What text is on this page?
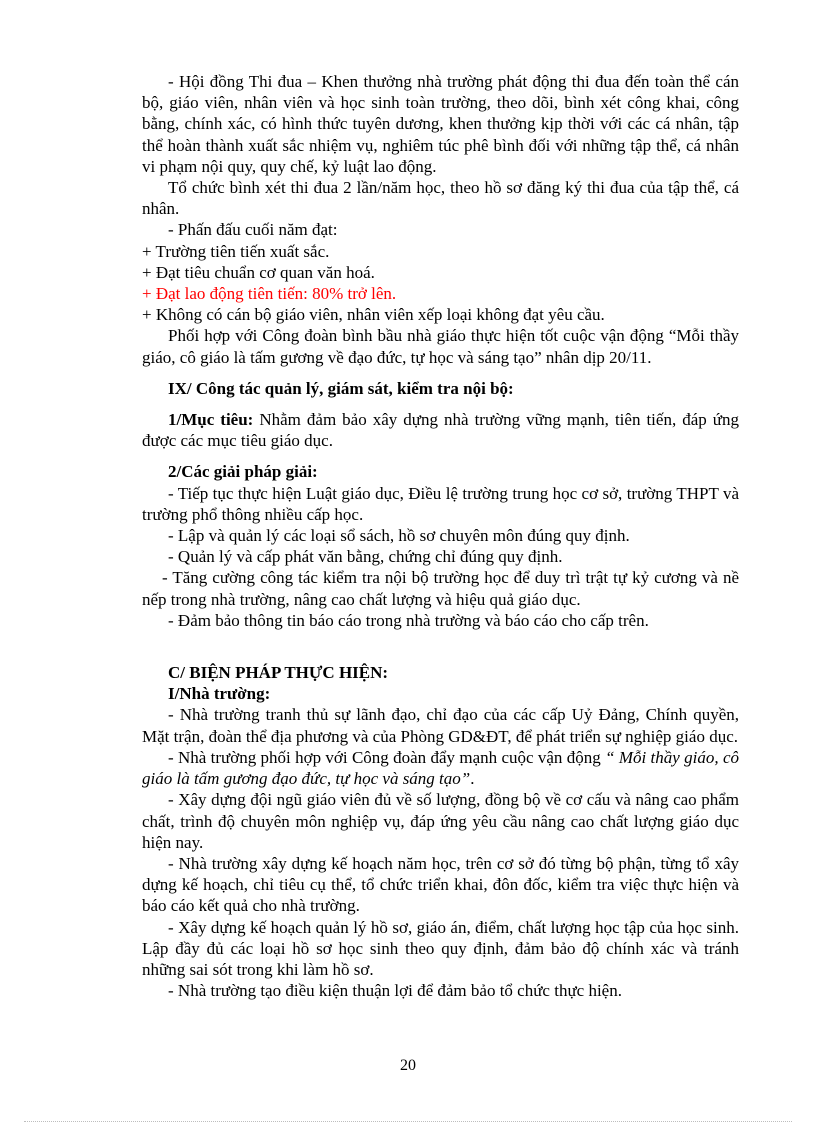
- Hội đồng Thi đua – Khen thưởng nhà trường phát động thi đua đến toàn thể cán bộ, giáo viên, nhân viên và học sinh toàn trường, theo dõi, bình xét công khai, công bằng, chính xác, có hình thức tuyên dương, khen thưởng kịp thời với các cá nhân, tập thể hoàn thành xuất sắc nhiệm vụ, nghiêm túc phê bình đối với những tập thể, cá nhân vi phạm nội quy, quy chế, kỷ luật lao động.

Tổ chức bình xét thi đua 2 lần/năm học, theo hồ sơ đăng ký thi đua của tập thể, cá nhân.

- Phấn đấu cuối năm đạt:

+ Trường tiên tiến xuất sắc.

+ Đạt tiêu chuẩn cơ quan văn hoá.

+ Đạt lao động tiên tiến: 80% trở lên.

+ Không có cán bộ giáo viên, nhân viên xếp loại không đạt yêu cầu.

Phối hợp với Công đoàn bình bầu nhà giáo thực hiện tốt cuộc vận động “Mỗi thầy giáo, cô giáo là tấm gương về đạo đức, tự học và sáng tạo” nhân dịp 20/11.

IX/ Công tác quản lý, giám sát, kiểm tra nội bộ:

1/Mục tiêu: Nhằm đảm bảo xây dựng nhà trường vững mạnh, tiên tiến, đáp ứng được các mục tiêu giáo dục.

2/Các giải pháp giải:

- Tiếp tục thực hiện Luật giáo dục, Điều lệ trường trung học cơ sở, trường THPT và trường phổ thông nhiều cấp học.

- Lập và quản lý các loại sổ sách, hồ sơ chuyên môn đúng quy định.

- Quản lý và cấp phát văn bằng, chứng chỉ đúng quy định.

- Tăng cường công tác kiểm tra nội bộ trường học để duy trì trật tự kỷ cương và nề nếp trong nhà trường, nâng cao chất lượng và hiệu quả giáo dục.

- Đảm bảo thông tin báo cáo trong nhà trường và báo cáo cho cấp trên.

C/ BIỆN PHÁP THỰC HIỆN:

I/Nhà trường:

- Nhà trường tranh thủ sự lãnh đạo, chỉ đạo của các cấp Uỷ Đảng, Chính quyền, Mặt trận, đoàn thể địa phương và của Phòng GD&ĐT, để phát triển sự nghiệp giáo dục.

- Nhà trường phối hợp với Công đoàn đẩy mạnh cuộc vận động “ Mỗi thầy giáo, cô giáo là tấm gương đạo đức, tự học và sáng tạo”.

- Xây dựng đội ngũ giáo viên đủ về số lượng, đồng bộ về cơ cấu và nâng cao phẩm chất, trình độ chuyên môn nghiệp vụ, đáp ứng yêu cầu nâng cao chất lượng giáo dục hiện nay.

- Nhà trường xây dựng kế hoạch năm học, trên cơ sở đó từng bộ phận, từng tổ xây dựng kế hoạch, chỉ tiêu cụ thể, tổ chức triển khai, đôn đốc, kiểm tra việc thực hiện và báo cáo kết quả cho nhà trường.

- Xây dựng kế hoạch quản lý hồ sơ, giáo án, điểm, chất lượng học tập của học sinh. Lập đầy đủ các loại hồ sơ học sinh theo quy định, đảm bảo độ chính xác và tránh những sai sót trong khi làm hồ sơ.

- Nhà trường tạo điều kiện thuận lợi để đảm bảo tổ chức thực hiện.

20
